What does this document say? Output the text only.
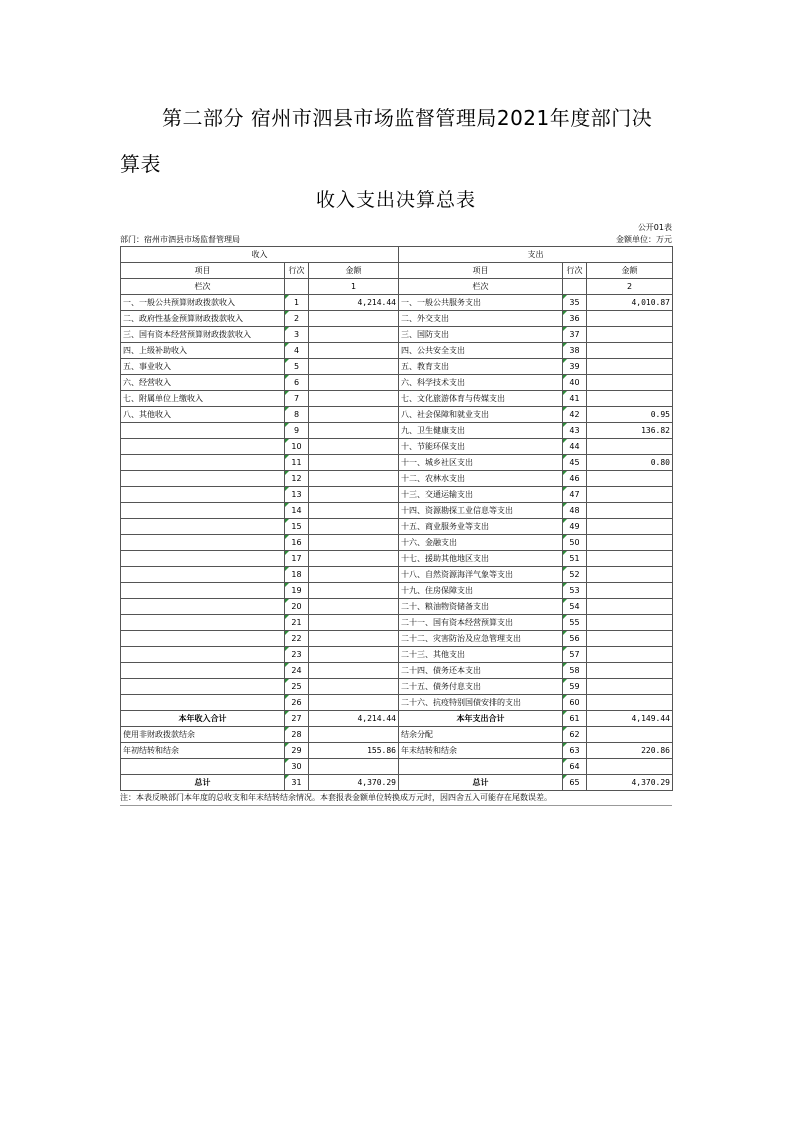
第二部分 宿州市泗县市场监督管理局2021年度部门决
算表
收入支出决算总表
公开01表
部门：宿州市泗县市场监督管理局	金额单位：万元
收入			支出		
项目	行次	金额	项目	行次	金额
栏次		1	栏次		2
一、一般公共预算财政拨款收入	1	4,214.44	一、一般公共服务支出	35	4,010.87
二、政府性基金预算财政拨款收入	2		二、外交支出	36	
三、国有资本经营预算财政拨款收入	3		三、国防支出	37	
四、上级补助收入	4		四、公共安全支出	38	
五、事业收入	5		五、教育支出	39	
六、经营收入	6		六、科学技术支出	40	
七、附属单位上缴收入	7		七、文化旅游体育与传媒支出	41	
八、其他收入	8		八、社会保障和就业支出	42	0.95
	9		九、卫生健康支出	43	136.82
	10		十、节能环保支出	44	
	11		十一、城乡社区支出	45	0.80
	12		十二、农林水支出	46	
	13		十三、交通运输支出	47	
	14		十四、资源勘探工业信息等支出	48	
	15		十五、商业服务业等支出	49	
	16		十六、金融支出	50	
	17		十七、援助其他地区支出	51	
	18		十八、自然资源海洋气象等支出	52	
	19		十九、住房保障支出	53	
	20		二十、粮油物资储备支出	54	
	21		二十一、国有资本经营预算支出	55	
	22		二十二、灾害防治及应急管理支出	56	
	23		二十三、其他支出	57	
	24		二十四、债务还本支出	58	
	25		二十五、债务付息支出	59	
	26		二十六、抗疫特别国债安排的支出	60	
本年收入合计	27	4,214.44	本年支出合计	61	4,149.44
使用非财政拨款结余	28		结余分配	62	
年初结转和结余	29	155.86	年末结转和结余	63	220.86
	30			64	
总计	31	4,370.29	总计	65	4,370.29
注：本表反映部门本年度的总收支和年末结转结余情况。本套报表金额单位转换成万元时，因四舍五入可能存在尾数误差。
